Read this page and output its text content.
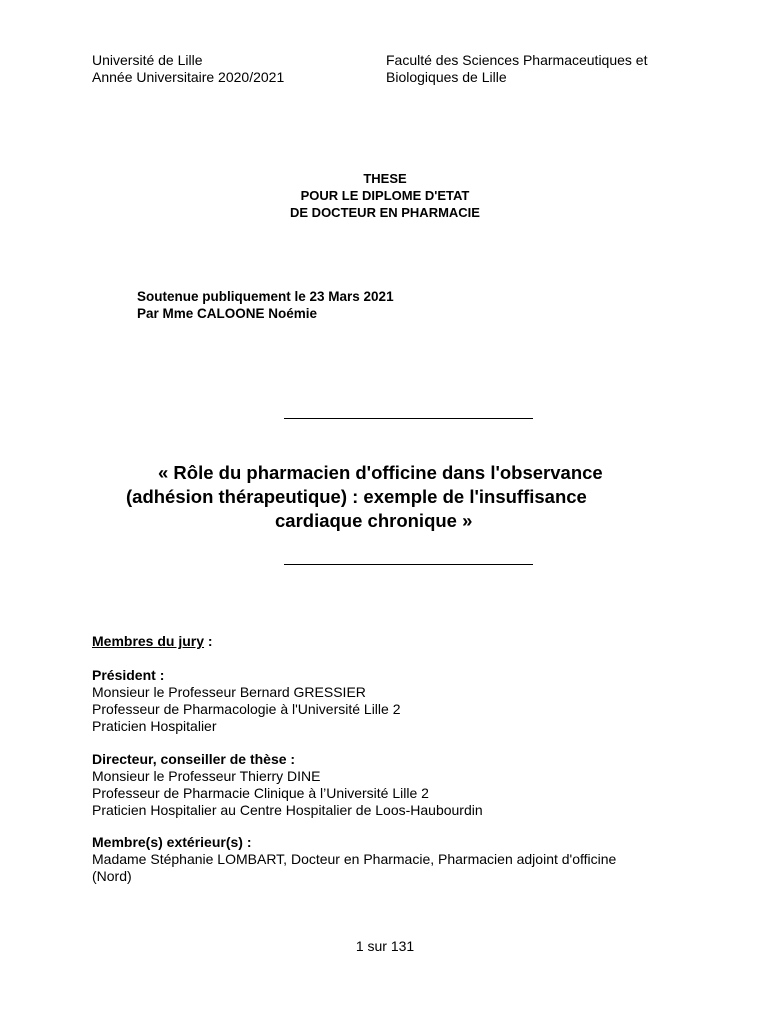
Université de Lille
Année Universitaire 2020/2021
Faculté des Sciences Pharmaceutiques et
Biologiques de Lille
THESE
POUR LE DIPLOME D'ETAT
DE DOCTEUR EN PHARMACIE
Soutenue publiquement le 23 Mars 2021
Par Mme CALOONE Noémie
« Rôle du pharmacien d'officine dans l'observance
(adhésion thérapeutique) : exemple de l'insuffisance
cardiaque chronique »
Membres du jury :
Président :
Monsieur le Professeur Bernard GRESSIER
Professeur de Pharmacologie à l'Université Lille 2
Praticien Hospitalier
Directeur, conseiller de thèse :
Monsieur le Professeur Thierry DINE
Professeur de Pharmacie Clinique à l’Université Lille 2
Praticien Hospitalier au Centre Hospitalier de Loos-Haubourdin
Membre(s) extérieur(s) :
Madame Stéphanie LOMBART, Docteur en Pharmacie, Pharmacien adjoint d'officine
(Nord)
1 sur 131
